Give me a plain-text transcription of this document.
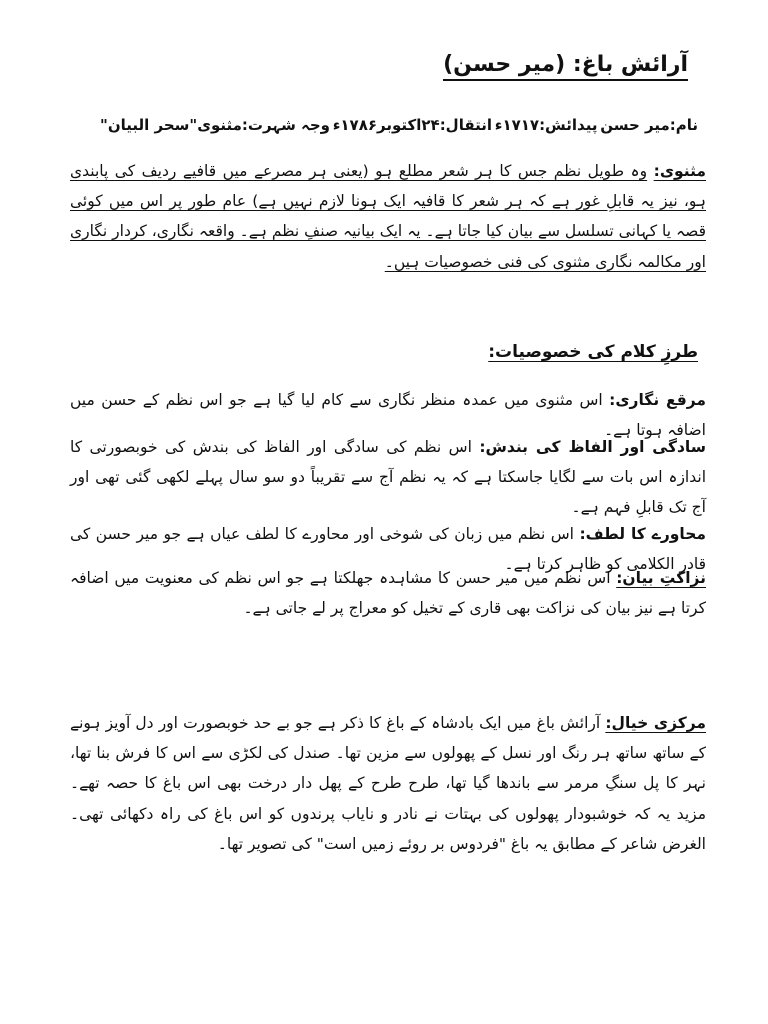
آرائش باغ: (میر حسن)
نام:میر حسن
پیدائش:۱۷۱۷ء
انتقال:۲۴اکتوبر۱۷۸۶ء
وجہ شہرت:مثنوی"سحر البیان"
مثنوی: وہ طویل نظم جس کا ہر شعر مطلع ہو (یعنی ہر مصرعے میں قافیے ردیف کی پابندی ہو، نیز یہ قابلِ غور ہے کہ ہر شعر کا قافیہ ایک ہونا لازم نہیں ہے) عام طور پر اس میں کوئی قصہ یا کہانی تسلسل سے بیان کیا جاتا ہے۔ یہ ایک بیانیہ صنفِ نظم ہے۔ واقعہ نگاری، کردار نگاری اور مکالمہ نگاری مثنوی کی فنی خصوصیات ہیں۔
طرزِ کلام کی خصوصیات:
مرقع نگاری: اس مثنوی میں عمدہ منظر نگاری سے کام لیا گیا ہے جو اس نظم کے حسن میں اضافہ ہوتا ہے۔
سادگی اور الفاظ کی بندش: اس نظم کی سادگی اور الفاظ کی بندش کی خوبصورتی کا اندازہ اس بات سے لگایا جاسکتا ہے کہ یہ نظم آج سے تقریباً دو سو سال پہلے لکھی گئی تھی اور آج تک قابلِ فہم ہے۔
محاورے کا لطف: اس نظم میں زبان کی شوخی اور محاورے کا لطف عیاں ہے جو میر حسن کی قادر الکلامی کو ظاہر کرتا ہے۔
نزاکتِ بیان: اس نظم میں میر حسن کا مشاہدہ جھلکتا ہے جو اس نظم کی معنویت میں اضافہ کرتا ہے نیز بیان کی نزاکت بھی قاری کے تخیل کو معراج پر لے جاتی ہے۔
مرکزی خیال: آرائش باغ میں ایک بادشاہ کے باغ کا ذکر ہے جو بے حد خوبصورت اور دل آویز ہونے کے ساتھ ساتھ ہر رنگ اور نسل کے پھولوں سے مزین تھا۔ صندل کی لکڑی سے اس کا فرش بنا تھا، نہر کا پل سنگِ مرمر سے باندھا گیا تھا، طرح طرح کے پھل دار درخت بھی اس باغ کا حصہ تھے۔ مزید یہ کہ خوشبودار پھولوں کی بہتات نے نادر و نایاب پرندوں کو اس باغ کی راہ دکھائی تھی۔ الغرض شاعر کے مطابق یہ باغ "فردوس بر روئے زمیں است" کی تصویر تھا۔
